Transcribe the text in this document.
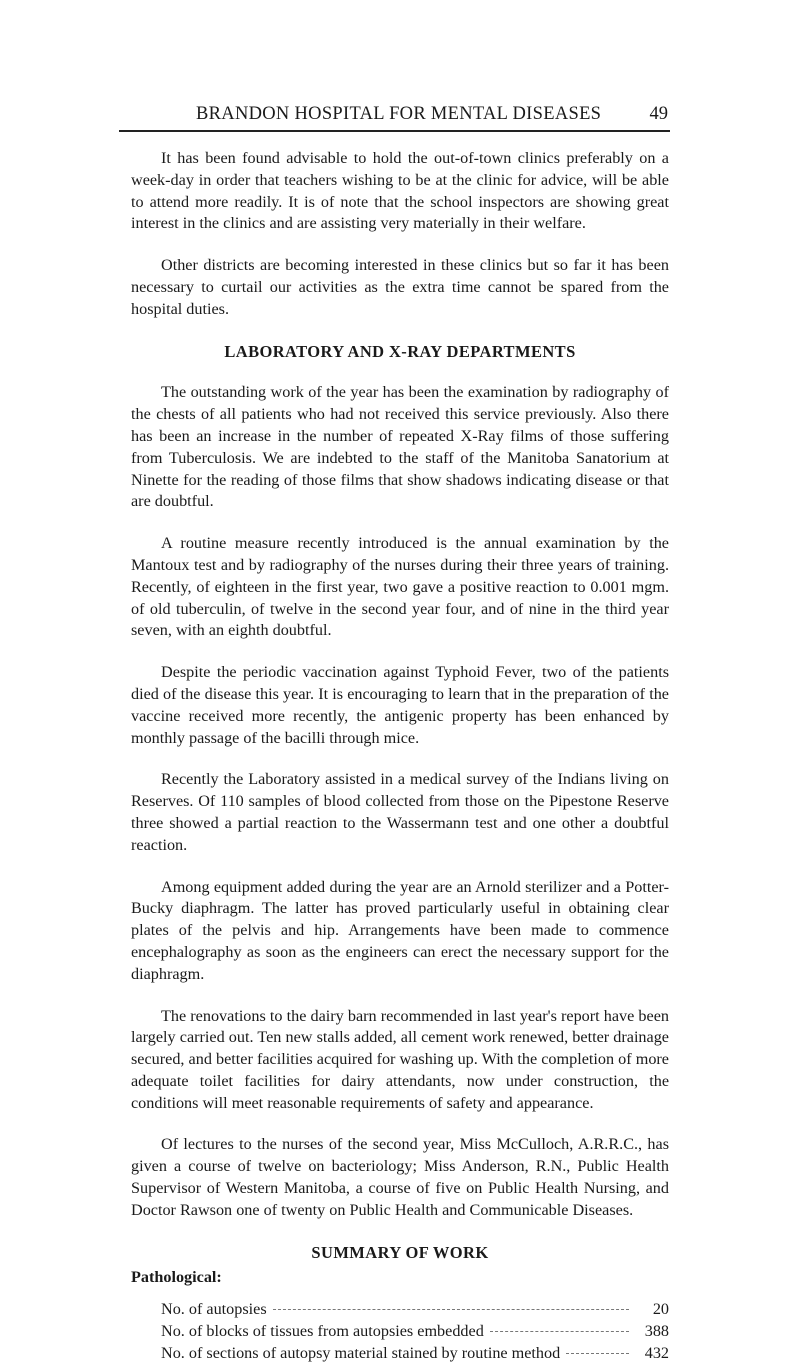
BRANDON HOSPITAL FOR MENTAL DISEASES	49

It has been found advisable to hold the out-of-town clinics preferably on a week-day in order that teachers wishing to be at the clinic for advice, will be able to attend more readily. It is of note that the school inspectors are showing great interest in the clinics and are assisting very materially in their welfare.

Other districts are becoming interested in these clinics but so far it has been necessary to curtail our activities as the extra time cannot be spared from the hospital duties.

LABORATORY AND X-RAY DEPARTMENTS

The outstanding work of the year has been the examination by radiography of the chests of all patients who had not received this service previously. Also there has been an increase in the number of repeated X-Ray films of those suffering from Tuberculosis. We are indebted to the staff of the Manitoba Sanatorium at Ninette for the reading of those films that show shadows indicating disease or that are doubtful.

A routine measure recently introduced is the annual examination by the Mantoux test and by radiography of the nurses during their three years of training. Recently, of eighteen in the first year, two gave a positive reaction to 0.001 mgm. of old tuberculin, of twelve in the second year four, and of nine in the third year seven, with an eighth doubtful.

Despite the periodic vaccination against Typhoid Fever, two of the patients died of the disease this year. It is encouraging to learn that in the preparation of the vaccine received more recently, the antigenic property has been enhanced by monthly passage of the bacilli through mice.

Recently the Laboratory assisted in a medical survey of the Indians living on Reserves. Of 110 samples of blood collected from those on the Pipestone Reserve three showed a partial reaction to the Wassermann test and one other a doubtful reaction.

Among equipment added during the year are an Arnold sterilizer and a Potter-Bucky diaphragm. The latter has proved particularly useful in obtaining clear plates of the pelvis and hip. Arrangements have been made to commence encephalography as soon as the engineers can erect the necessary support for the diaphragm.

The renovations to the dairy barn recommended in last year's report have been largely carried out. Ten new stalls added, all cement work renewed, better drainage secured, and better facilities acquired for washing up. With the completion of more adequate toilet facilities for dairy attendants, now under construction, the conditions will meet reasonable requirements of safety and appearance.

Of lectures to the nurses of the second year, Miss McCulloch, A.R.R.C., has given a course of twelve on bacteriology; Miss Anderson, R.N., Public Health Supervisor of Western Manitoba, a course of five on Public Health Nursing, and Doctor Rawson one of twenty on Public Health and Communicable Diseases.

SUMMARY OF WORK
Pathological:
No. of autopsies	20
No. of blocks of tissues from autopsies embedded	388
No. of sections of autopsy material stained by routine method	432
